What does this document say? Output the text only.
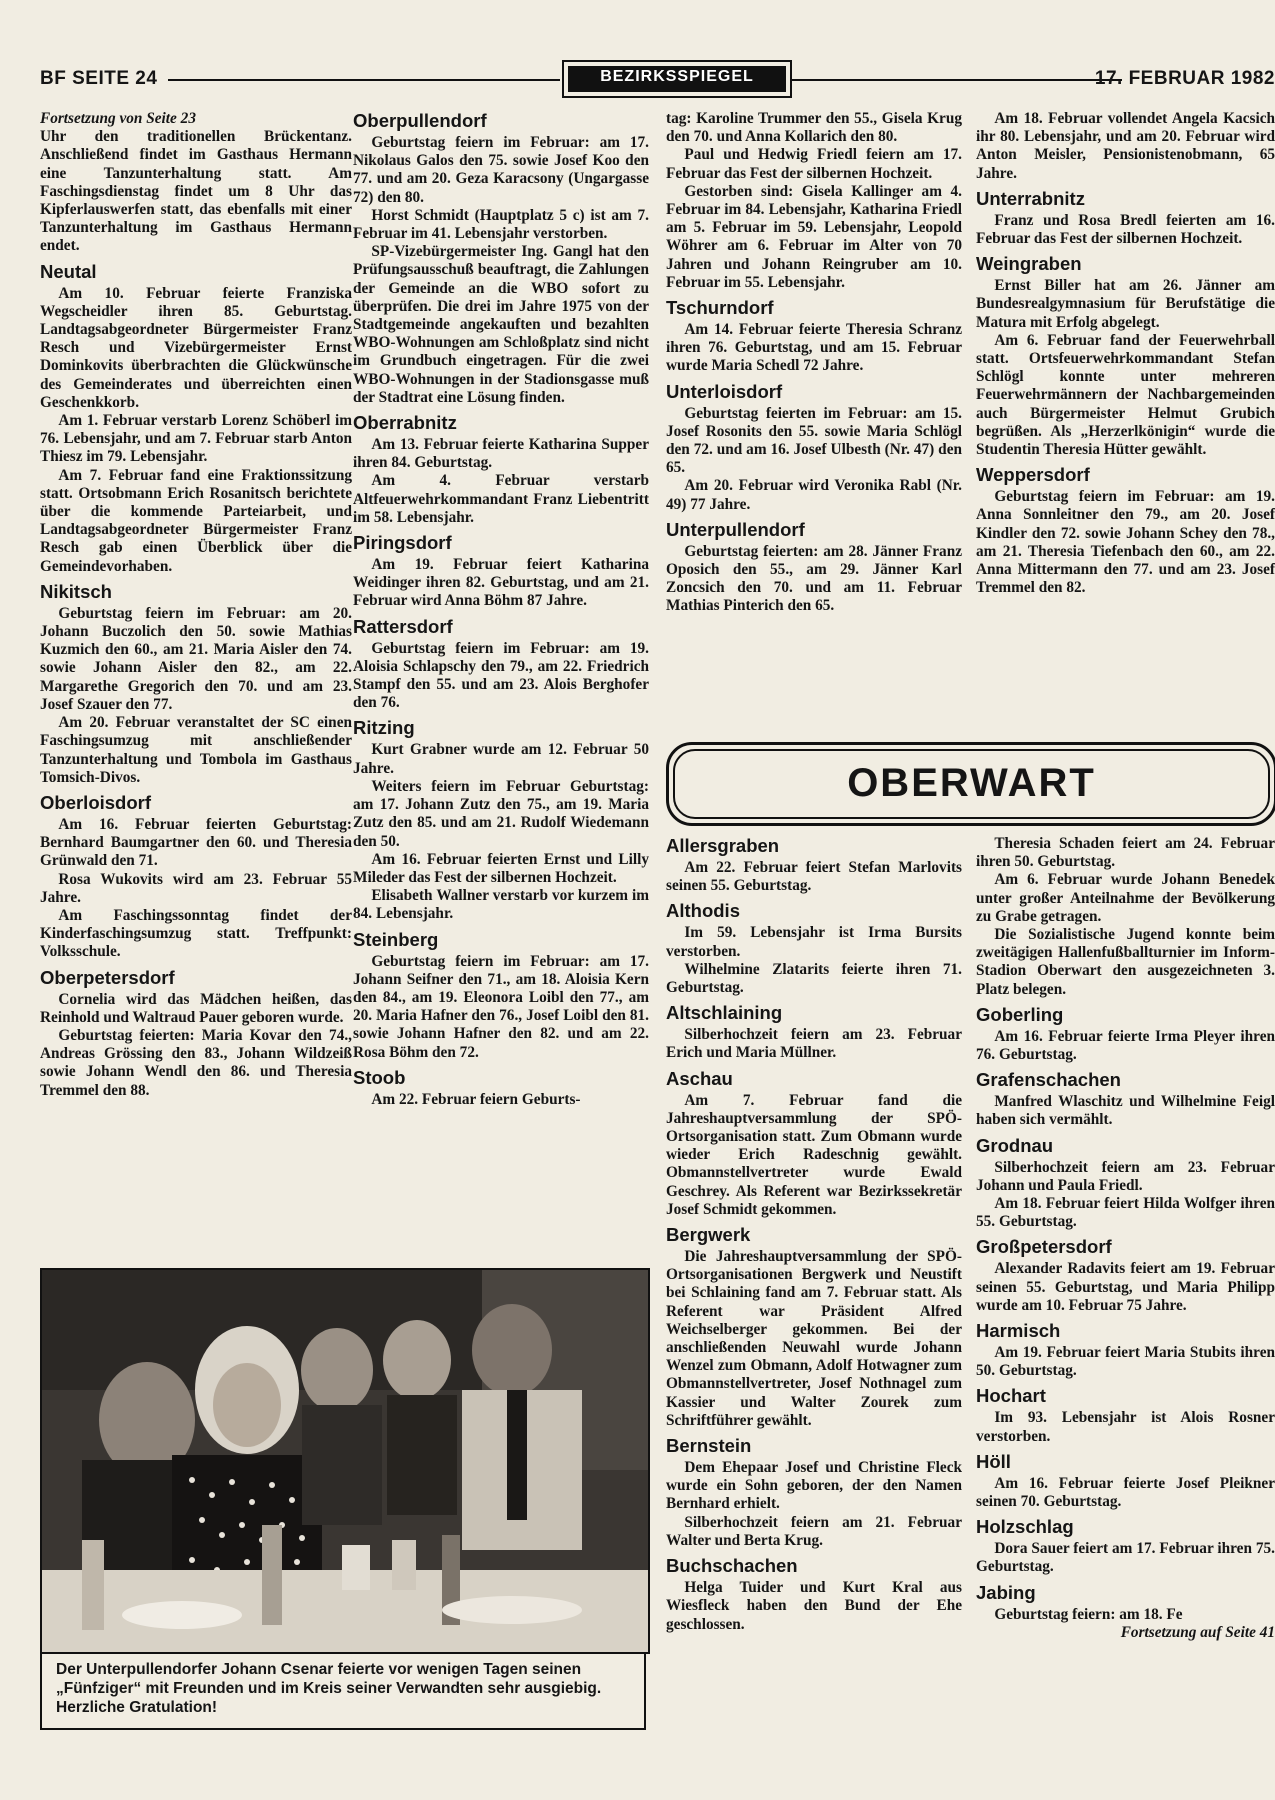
BF SEITE 24	BEZIRKSSPIEGEL	17. FEBRUAR 1982

Fortsetzung von Seite 23

Uhr den traditionellen Brückentanz. Anschließend findet im Gasthaus Hermann eine Tanzunterhaltung statt. Am Faschingsdienstag findet um 8 Uhr das Kipferlauswerfen statt, das ebenfalls mit einer Tanzunterhaltung im Gasthaus Hermann endet.

Neutal

Am 10. Februar feierte Franziska Wegscheidler ihren 85. Geburtstag. Landtagsabgeordneter Bürgermeister Franz Resch und Vizebürgermeister Ernst Dominkovits überbrachten die Glückwünsche des Gemeinderates und überreichten einen Geschenkkorb.

Am 1. Februar verstarb Lorenz Schöberl im 76. Lebensjahr, und am 7. Februar starb Anton Thiesz im 79. Lebensjahr.

Am 7. Februar fand eine Fraktionssitzung statt. Ortsobmann Erich Rosanitsch berichtete über die kommende Parteiarbeit, und Landtagsabgeordneter Bürgermeister Franz Resch gab einen Überblick über die Gemeindevorhaben.

Nikitsch

Geburtstag feiern im Februar: am 20. Johann Buczolich den 50. sowie Mathias Kuzmich den 60., am 21. Maria Aisler den 74. sowie Johann Aisler den 82., am 22. Margarethe Gregorich den 70. und am 23. Josef Szauer den 77.

Am 20. Februar veranstaltet der SC einen Faschingsumzug mit anschließender Tanzunterhaltung und Tombola im Gasthaus Tomsich-Divos.

Oberloisdorf

Am 16. Februar feierten Geburtstag: Bernhard Baumgartner den 60. und Theresia Grünwald den 71.

Rosa Wukovits wird am 23. Februar 55 Jahre.

Am Faschingssonntag findet der Kinderfaschingsumzug statt. Treffpunkt: Volksschule.

Oberpetersdorf

Cornelia wird das Mädchen heißen, das Reinhold und Waltraud Pauer geboren wurde.

Geburtstag feierten: Maria Kovar den 74., Andreas Grössing den 83., Johann Wildzeiß sowie Johann Wendl den 86. und Theresia Tremmel den 88.

Oberpullendorf

Geburtstag feiern im Februar: am 17. Nikolaus Galos den 75. sowie Josef Koo den 77. und am 20. Geza Karacsony (Ungargasse 72) den 80.

Horst Schmidt (Hauptplatz 5 c) ist am 7. Februar im 41. Lebensjahr verstorben.

SP-Vizebürgermeister Ing. Gangl hat den Prüfungsausschuß beauftragt, die Zahlungen der Gemeinde an die WBO sofort zu überprüfen. Die drei im Jahre 1975 von der Stadtgemeinde angekauften und bezahlten WBO-Wohnungen am Schloßplatz sind nicht im Grundbuch eingetragen. Für die zwei WBO-Wohnungen in der Stadionsgasse muß der Stadtrat eine Lösung finden.

Oberrabnitz

Am 13. Februar feierte Katharina Supper ihren 84. Geburtstag.

Am 4. Februar verstarb Altfeuerwehrkommandant Franz Liebentritt im 58. Lebensjahr.

Piringsdorf

Am 19. Februar feiert Katharina Weidinger ihren 82. Geburtstag, und am 21. Februar wird Anna Böhm 87 Jahre.

Rattersdorf

Geburtstag feiern im Februar: am 19. Aloisia Schlapschy den 79., am 22. Friedrich Stampf den 55. und am 23. Alois Berghofer den 76.

Ritzing

Kurt Grabner wurde am 12. Februar 50 Jahre.

Weiters feiern im Februar Geburtstag: am 17. Johann Zutz den 75., am 19. Maria Zutz den 85. und am 21. Rudolf Wiedemann den 50.

Am 16. Februar feierten Ernst und Lilly Mileder das Fest der silbernen Hochzeit.

Elisabeth Wallner verstarb vor kurzem im 84. Lebensjahr.

Steinberg

Geburtstag feiern im Februar: am 17. Johann Seifner den 71., am 18. Aloisia Kern den 84., am 19. Eleonora Loibl den 77., am 20. Maria Hafner den 76., Josef Loibl den 81. sowie Johann Hafner den 82. und am 22. Rosa Böhm den 72.

Stoob

Am 22. Februar feiern Geburts-

tag: Karoline Trummer den 55., Gisela Krug den 70. und Anna Kollarich den 80.

Paul und Hedwig Friedl feiern am 17. Februar das Fest der silbernen Hochzeit.

Gestorben sind: Gisela Kallinger am 4. Februar im 84. Lebensjahr, Katharina Friedl am 5. Februar im 59. Lebensjahr, Leopold Wöhrer am 6. Februar im Alter von 70 Jahren und Johann Reingruber am 10. Februar im 55. Lebensjahr.

Tschurndorf

Am 14. Februar feierte Theresia Schranz ihren 76. Geburtstag, und am 15. Februar wurde Maria Schedl 72 Jahre.

Unterloisdorf

Geburtstag feierten im Februar: am 15. Josef Rosonits den 55. sowie Maria Schlögl den 72. und am 16. Josef Ulbesth (Nr. 47) den 65.

Am 20. Februar wird Veronika Rabl (Nr. 49) 77 Jahre.

Unterpullendorf

Geburtstag feierten: am 28. Jänner Franz Oposich den 55., am 29. Jänner Karl Zoncsich den 70. und am 11. Februar Mathias Pinterich den 65.

Am 18. Februar vollendet Angela Kacsich ihr 80. Lebensjahr, und am 20. Februar wird Anton Meisler, Pensionistenobmann, 65 Jahre.

Unterrabnitz

Franz und Rosa Bredl feierten am 16. Februar das Fest der silbernen Hochzeit.

Weingraben

Ernst Biller hat am 26. Jänner am Bundesrealgymnasium für Berufstätige die Matura mit Erfolg abgelegt.

Am 6. Februar fand der Feuerwehrball statt. Ortsfeuerwehrkommandant Stefan Schlögl konnte unter mehreren Feuerwehrmännern der Nachbargemeinden auch Bürgermeister Helmut Grubich begrüßen. Als „Herzerlkönigin“ wurde die Studentin Theresia Hütter gewählt.

Weppersdorf

Geburtstag feiern im Februar: am 19. Anna Sonnleitner den 79., am 20. Josef Kindler den 72. sowie Johann Schey den 78., am 21. Theresia Tiefenbach den 60., am 22. Anna Mittermann den 77. und am 23. Josef Tremmel den 82.

OBERWART
Allersgraben

Am 22. Februar feiert Stefan Marlovits seinen 55. Geburtstag.

Althodis

Im 59. Lebensjahr ist Irma Bursits verstorben.

Wilhelmine Zlatarits feierte ihren 71. Geburtstag.

Altschlaining

Silberhochzeit feiern am 23. Februar Erich und Maria Müllner.

Aschau

Am 7. Februar fand die Jahreshauptversammlung der SPÖ-Ortsorganisation statt. Zum Obmann wurde wieder Erich Radeschnig gewählt. Obmannstellvertreter wurde Ewald Geschrey. Als Referent war Bezirkssekretär Josef Schmidt gekommen.

Bergwerk

Die Jahreshauptversammlung der SPÖ-Ortsorganisationen Bergwerk und Neustift bei Schlaining fand am 7. Februar statt. Als Referent war Präsident Alfred Weichselberger gekommen. Bei der anschließenden Neuwahl wurde Johann Wenzel zum Obmann, Adolf Hotwagner zum Obmannstellvertreter, Josef Nothnagel zum Kassier und Walter Zourek zum Schriftführer gewählt.

Bernstein

Dem Ehepaar Josef und Christine Fleck wurde ein Sohn geboren, der den Namen Bernhard erhielt.

Silberhochzeit feiern am 21. Februar Walter und Berta Krug.

Buchschachen

Helga Tuider und Kurt Kral aus Wiesfleck haben den Bund der Ehe geschlossen.

Theresia Schaden feiert am 24. Februar ihren 50. Geburtstag.

Am 6. Februar wurde Johann Benedek unter großer Anteilnahme der Bevölkerung zu Grabe getragen.

Die Sozialistische Jugend konnte beim zweitägigen Hallenfußballturnier im Inform-Stadion Oberwart den ausgezeichneten 3. Platz belegen.

Goberling

Am 16. Februar feierte Irma Pleyer ihren 76. Geburtstag.

Grafenschachen

Manfred Wlaschitz und Wilhelmine Feigl haben sich vermählt.

Grodnau

Silberhochzeit feiern am 23. Februar Johann und Paula Friedl.

Am 18. Februar feiert Hilda Wolfger ihren 55. Geburtstag.

Großpetersdorf

Alexander Radavits feiert am 19. Februar seinen 55. Geburtstag, und Maria Philipp wurde am 10. Februar 75 Jahre.

Harmisch

Am 19. Februar feiert Maria Stubits ihren 50. Geburtstag.

Hochart

Im 93. Lebensjahr ist Alois Rosner verstorben.

Höll

Am 16. Februar feierte Josef Pleikner seinen 70. Geburtstag.

Holzschlag

Dora Sauer feiert am 17. Februar ihren 75. Geburtstag.

Jabing

Geburtstag feiern: am 18. Fe

Fortsetzung auf Seite 41

Der Unterpullendorfer Johann Csenar feierte vor wenigen Tagen seinen „Fünfziger“ mit Freunden und im Kreis seiner Verwandten sehr ausgiebig. Herzliche Gratulation!
